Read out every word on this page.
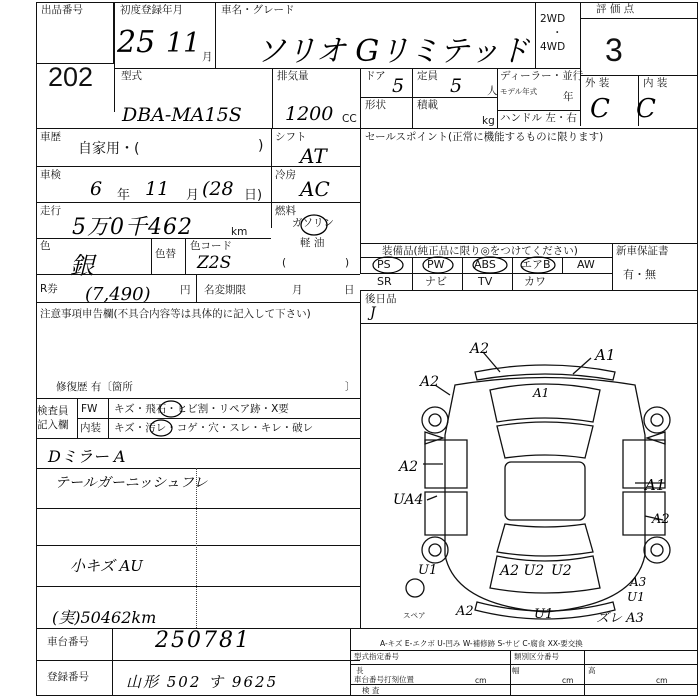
出品番号
202
初度登録年月
25 11 月
車名・グレード
ソリオ Gリミテッド
2WD
・
4WD
評 価 点
3
外 装	内 装
C C
型式
DBA-MA15S
排気量
1200 CC
ドア 5 定員 5 人
ディーラー・並行
モデル年式 年
形状	積載
kg ハンドル 左・右
車歴
自家用・(	)
シフト
AT
セールスポイント(正常に機能するものに限ります)
車検
6 年 11 月 (28 日)
冷房
AC
走行
5万0千462	km
燃料
ガソリン
軽 油
(	)
色
銀	色替
色コード
Z2S
装備品(純正品に限り◎をつけてください)	新車保証書
有・無
PS	PW	ABS エアB AW
SR	ナビ	TV	カワ
R券 (7,490)	円 名変期限	月	日
後日品
J
注意事項申告欄(不具合内容等は具体的に記入して下さい)
修復歴 有〔箇所	〕
検査員記入欄
FW キズ・飛石・ヒビ割・リペア跡・X要
内装 キズ・汚レ・コゲ・穴・スレ・キレ・破レ
Dミラー A
テールガーニッシュフレ
小キズ AU
(実)50462km
A2	A1
A2
A1
A2
A1
UA4
A2
U1	A2 U2 U2
A2	U1	ズレ A3
U1
A3
スペア
車台番号	250781
登録番号 山形 502 す 9625
A-キズ E-エクボ U-凹み W-補修跡 S-サビ C-腐食 XX-要交換
型式指定番号	類別区分番号
長
cm
幅
cm
高
cm
車台番号打刻位置
検 査
